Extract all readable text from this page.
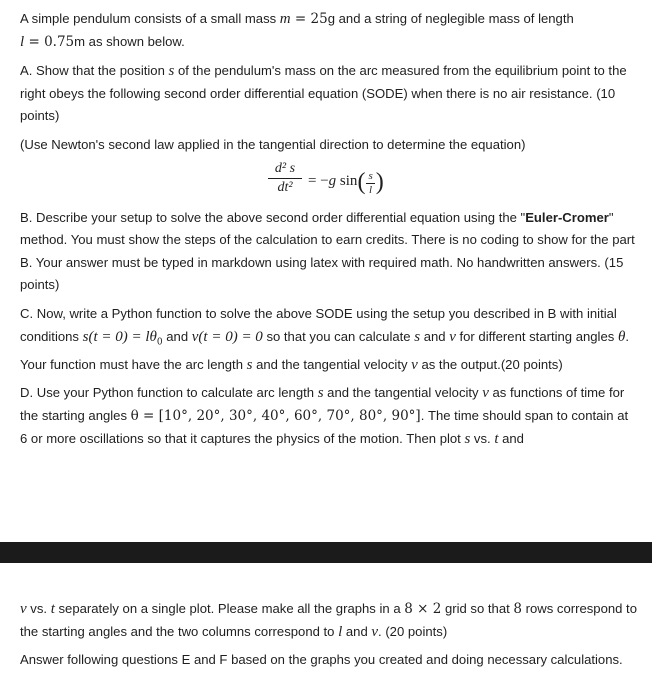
A simple pendulum consists of a small mass m = 25g and a string of neglegible mass of length
l = 0.75m as shown below.

A. Show that the position s of the pendulum's mass on the arc measured from the equilibrium point to the right obeys the following second order differential equation (SODE) when there is no air resistance. (10 points)

(Use Newton's second law applied in the tangential direction to determine the equation)

$\frac{\text{d² s}}{\text{dt²}} = -g$ $\sin( \frac{s}{l}$ )

B. Describe your setup to solve the above second order differential equation using the "Euler-Cromer" method. You must show the steps of the calculation to earn credits. There is no coding to show for the part B. Your answer must be typed in markdown using latex with required math. No handwritten answers. (15 points)

C. Now, write a Python function to solve the above SODE using the setup you described in B with initial conditions $s(t = 0) = l\theta_0$ and v(t = 0) = 0 so that you can calculate s and v for different starting angles θ. Your function must have the arc length s and the tangential velocity v as the output.(20 points)

D. Use your Python function to calculate arc length s and the tangential velocity v as functions of time for the starting angles θ = [10°, 20°, 30°, 40°, 60°, 70°, 80°, 90°]. The time should span to contain at 6 or more oscillations so that it captures the physics of the motion. Then plot s vs. t and

v vs. t separately on a single plot. Please make all the graphs in a 8 × 2 grid so that 8 rows correspond to the starting angles and the two columns correspond to l and v. (20 points)

Answer following questions E and F based on the graphs you created and doing necessary calculations.
